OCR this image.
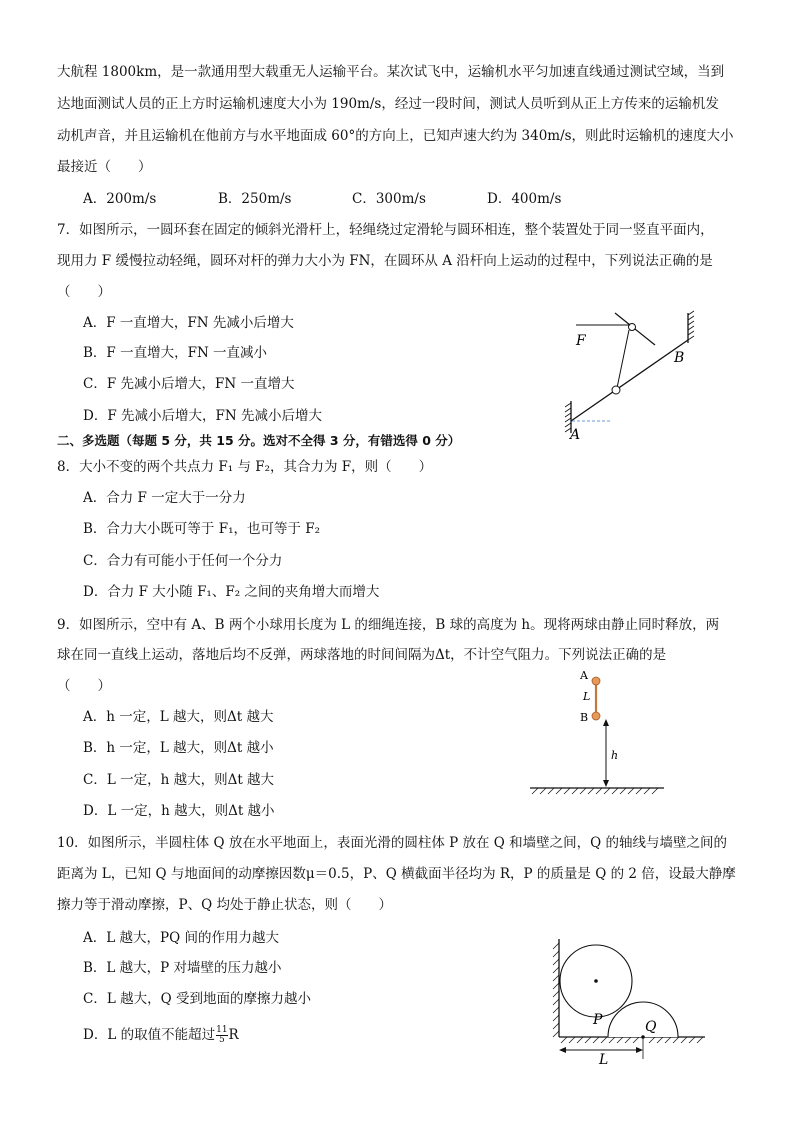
大航程 1800km，是一款通用型大载重无人运输平台。某次试飞中，运输机水平匀加速直线通过测试空域，当到
达地面测试人员的正上方时运输机速度大小为 190m/s，经过一段时间，测试人员听到从正上方传来的运输机发
动机声音，并且运输机在他前方与水平地面成 60°的方向上，已知声速大约为 340m/s，则此时运输机的速度大小
最接近（　　）
A．200m/s	B．250m/s	C．300m/s	D．400m/s
7．如图所示，一圆环套在固定的倾斜光滑杆上，轻绳绕过定滑轮与圆环相连，整个装置处于同一竖直平面内，
现用力 F 缓慢拉动轻绳，圆环对杆的弹力大小为 FN，在圆环从 A 沿杆向上运动的过程中，下列说法正确的是
（　　）
A．F 一直增大，FN 先减小后增大
B．F 一直增大，FN 一直减小
C．F 先减小后增大，FN 一直增大
D．F 先减小后增大，FN 先减小后增大
F
B
A
二、多选题（每题 5 分，共 15 分。选对不全得 3 分，有错选得 0 分）
8．大小不变的两个共点力 F₁ 与 F₂，其合力为 F，则（　　）
A．合力 F 一定大于一分力
B．合力大小既可等于 F₁，也可等于 F₂
C．合力有可能小于任何一个分力
D．合力 F 大小随 F₁、F₂ 之间的夹角增大而增大
9．如图所示，空中有 A、B 两个小球用长度为 L 的细绳连接，B 球的高度为 h。现将两球由静止同时释放，两
球在同一直线上运动，落地后均不反弹，两球落地的时间间隔为Δt，不计空气阻力。下列说法正确的是
（　　）
A．h 一定，L 越大，则Δt 越大
B．h 一定，L 越大，则Δt 越小
C．L 一定，h 越大，则Δt 越大
D．L 一定，h 越大，则Δt 越小
A
L
B
h
10．如图所示，半圆柱体 Q 放在水平地面上，表面光滑的圆柱体 P 放在 Q 和墙壁之间，Q 的轴线与墙壁之间的
距离为 L，已知 Q 与地面间的动摩擦因数μ＝0.5，P、Q 横截面半径均为 R，P 的质量是 Q 的 2 倍，设最大静摩
擦力等于滑动摩擦，P、Q 均处于静止状态，则（　　）
A．L 越大，PQ 间的作用力越大
B．L 越大，P 对墙壁的压力越小
C．L 越大，Q 受到地面的摩擦力越小
D．L 的取值不能超过 $\frac{11}{5}$ R
P	Q
L
